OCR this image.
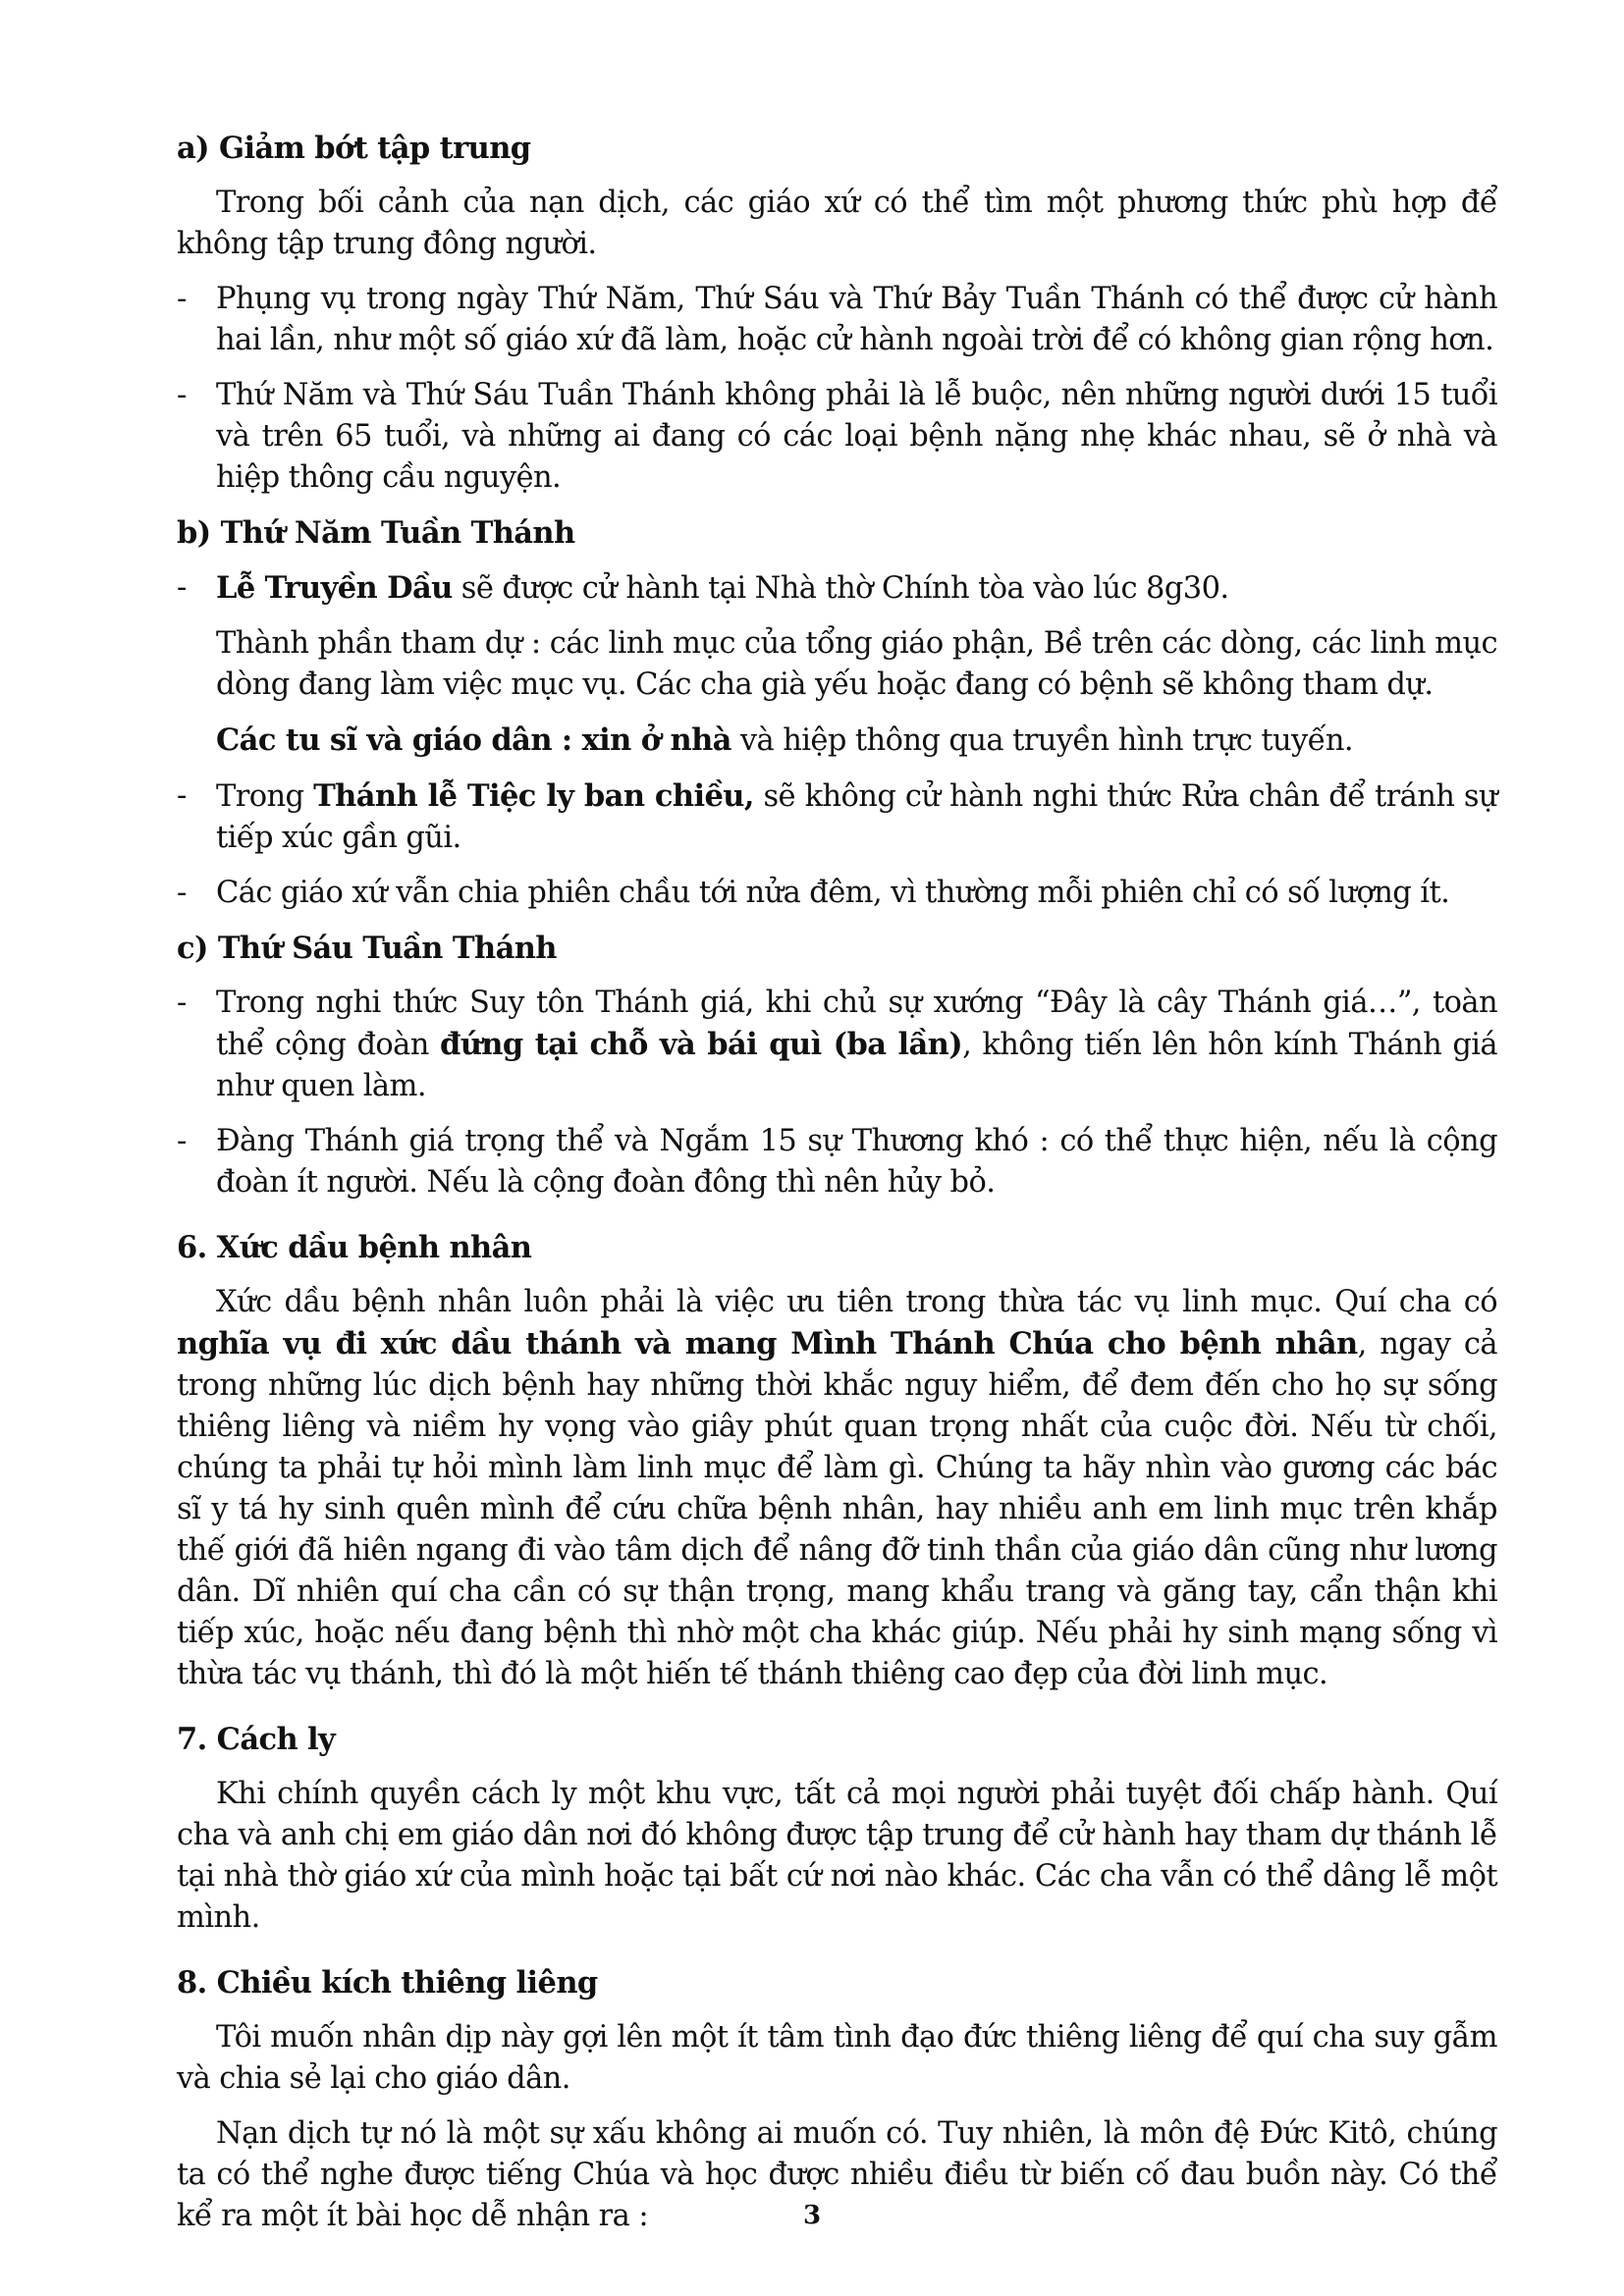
a) Giảm bớt tập trung

Trong bối cảnh của nạn dịch, các giáo xứ có thể tìm một phương thức phù hợp để không tập trung đông người.

- Phụng vụ trong ngày Thứ Năm, Thứ Sáu và Thứ Bảy Tuần Thánh có thể được cử hành hai lần, như một số giáo xứ đã làm, hoặc cử hành ngoài trời để có không gian rộng hơn.

- Thứ Năm và Thứ Sáu Tuần Thánh không phải là lễ buộc, nên những người dưới 15 tuổi và trên 65 tuổi, và những ai đang có các loại bệnh nặng nhẹ khác nhau, sẽ ở nhà và hiệp thông cầu nguyện.

b) Thứ Năm Tuần Thánh

- Lễ Truyền Dầu sẽ được cử hành tại Nhà thờ Chính tòa vào lúc 8g30.

Thành phần tham dự : các linh mục của tổng giáo phận, Bề trên các dòng, các linh mục dòng đang làm việc mục vụ. Các cha già yếu hoặc đang có bệnh sẽ không tham dự.

Các tu sĩ và giáo dân : xin ở nhà và hiệp thông qua truyền hình trực tuyến.

- Trong Thánh lễ Tiệc ly ban chiều, sẽ không cử hành nghi thức Rửa chân để tránh sự tiếp xúc gần gũi.

- Các giáo xứ vẫn chia phiên chầu tới nửa đêm, vì thường mỗi phiên chỉ có số lượng ít.

c) Thứ Sáu Tuần Thánh

- Trong nghi thức Suy tôn Thánh giá, khi chủ sự xướng “Đây là cây Thánh giá…”, toàn thể cộng đoàn đứng tại chỗ và bái quì (ba lần), không tiến lên hôn kính Thánh giá như quen làm.

- Đàng Thánh giá trọng thể và Ngắm 15 sự Thương khó : có thể thực hiện, nếu là cộng đoàn ít người. Nếu là cộng đoàn đông thì nên hủy bỏ.

6. Xức dầu bệnh nhân

Xức dầu bệnh nhân luôn phải là việc ưu tiên trong thừa tác vụ linh mục. Quí cha có nghĩa vụ đi xức dầu thánh và mang Mình Thánh Chúa cho bệnh nhân, ngay cả trong những lúc dịch bệnh hay những thời khắc nguy hiểm, để đem đến cho họ sự sống thiêng liêng và niềm hy vọng vào giây phút quan trọng nhất của cuộc đời. Nếu từ chối, chúng ta phải tự hỏi mình làm linh mục để làm gì. Chúng ta hãy nhìn vào gương các bác sĩ y tá hy sinh quên mình để cứu chữa bệnh nhân, hay nhiều anh em linh mục trên khắp thế giới đã hiên ngang đi vào tâm dịch để nâng đỡ tinh thần của giáo dân cũng như lương dân. Dĩ nhiên quí cha cần có sự thận trọng, mang khẩu trang và găng tay, cẩn thận khi tiếp xúc, hoặc nếu đang bệnh thì nhờ một cha khác giúp. Nếu phải hy sinh mạng sống vì thừa tác vụ thánh, thì đó là một hiến tế thánh thiêng cao đẹp của đời linh mục.

7. Cách ly

Khi chính quyền cách ly một khu vực, tất cả mọi người phải tuyệt đối chấp hành. Quí cha và anh chị em giáo dân nơi đó không được tập trung để cử hành hay tham dự thánh lễ tại nhà thờ giáo xứ của mình hoặc tại bất cứ nơi nào khác. Các cha vẫn có thể dâng lễ một mình.

8. Chiều kích thiêng liêng

Tôi muốn nhân dịp này gợi lên một ít tâm tình đạo đức thiêng liêng để quí cha suy gẫm và chia sẻ lại cho giáo dân.

Nạn dịch tự nó là một sự xấu không ai muốn có. Tuy nhiên, là môn đệ Đức Kitô, chúng ta có thể nghe được tiếng Chúa và học được nhiều điều từ biến cố đau buồn này. Có thể kể ra một ít bài học dễ nhận ra :	3
